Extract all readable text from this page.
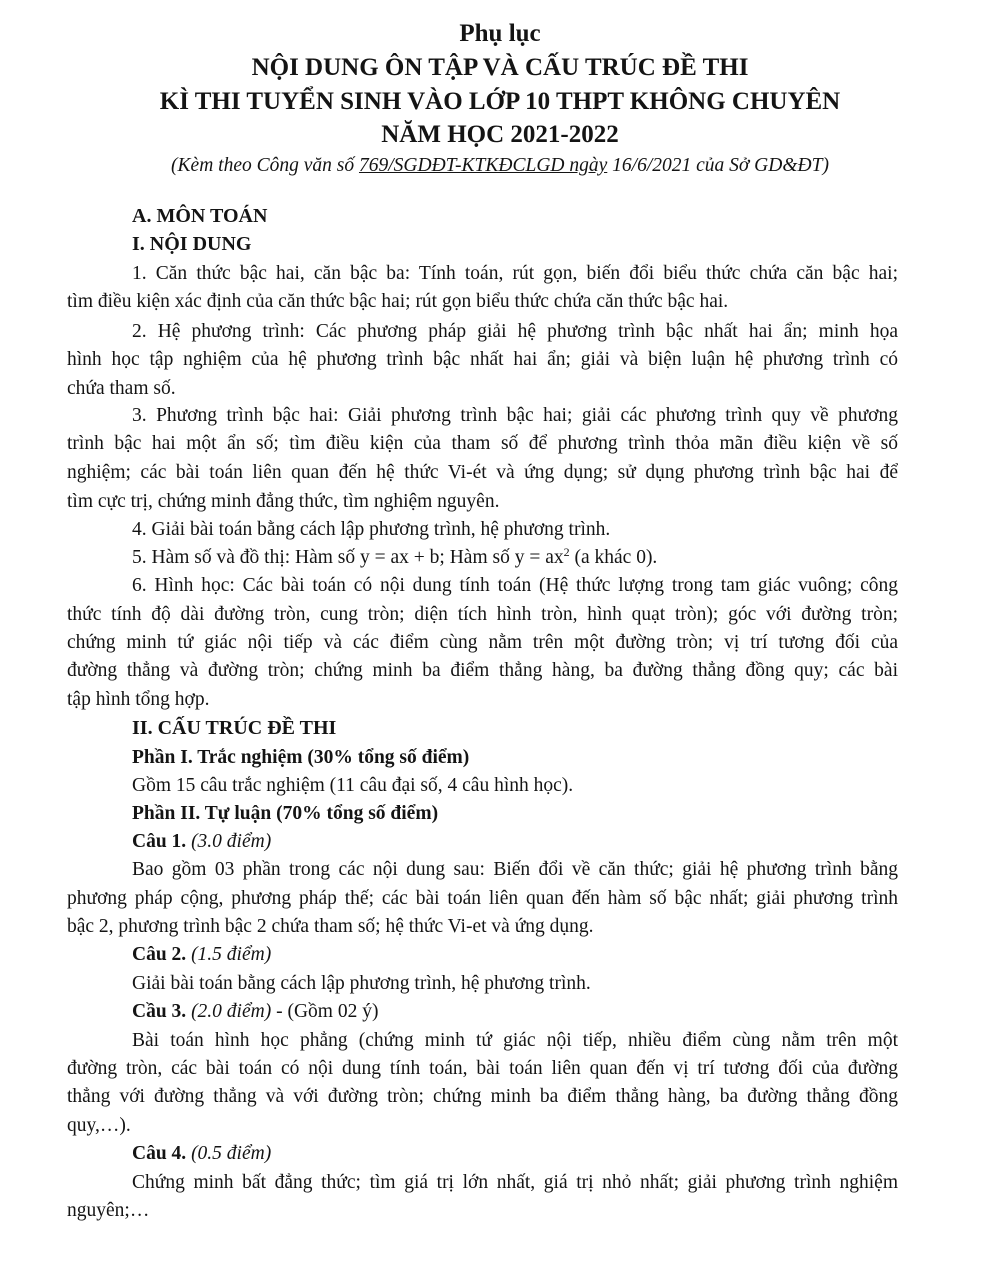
Phụ lục
NỘI DUNG ÔN TẬP VÀ CẤU TRÚC ĐỀ THI
KÌ THI TUYỂN SINH VÀO LỚP 10 THPT KHÔNG CHUYÊN
NĂM HỌC 2021-2022
(Kèm theo Công văn số 769/SGDĐT-KTKĐCLGD ngày 16/6/2021 của Sở GD&ĐT)
A. MÔN TOÁN
I. NỘI DUNG
1. Căn thức bậc hai, căn bậc ba: Tính toán, rút gọn, biến đổi biểu thức chứa căn bậc hai;
tìm điều kiện xác định của căn thức bậc hai; rút gọn biểu thức chứa căn thức bậc hai.
2. Hệ phương trình: Các phương pháp giải hệ phương trình bậc nhất hai ẩn; minh họa
hình học tập nghiệm của hệ phương trình bậc nhất hai ẩn; giải và biện luận hệ phương trình có
chứa tham số.
3. Phương trình bậc hai: Giải phương trình bậc hai; giải các phương trình quy về phương
trình bậc hai một ẩn số; tìm điều kiện của tham số để phương trình thỏa mãn điều kiện về số
nghiệm; các bài toán liên quan đến hệ thức Vi-ét và ứng dụng; sử dụng phương trình bậc hai để
tìm cực trị, chứng minh đẳng thức, tìm nghiệm nguyên.
4. Giải bài toán bằng cách lập phương trình, hệ phương trình.
5. Hàm số và đồ thị: Hàm số y = ax + b; Hàm số $y = ax^2$ (a khác 0).
6. Hình học: Các bài toán có nội dung tính toán (Hệ thức lượng trong tam giác vuông; công
thức tính độ dài đường tròn, cung tròn; diện tích hình tròn, hình quạt tròn); góc với đường tròn;
chứng minh tứ giác nội tiếp và các điểm cùng nằm trên một đường tròn; vị trí tương đối của
đường thẳng và đường tròn; chứng minh ba điểm thẳng hàng, ba đường thẳng đồng quy; các bài
tập hình tổng hợp.
II. CẤU TRÚC ĐỀ THI
Phần I. Trắc nghiệm (30% tổng số điểm)
Gồm 15 câu trắc nghiệm (11 câu đại số, 4 câu hình học).
Phần II. Tự luận (70% tổng số điểm)
Câu 1. (3.0 điểm)
Bao gồm 03 phần trong các nội dung sau: Biến đổi về căn thức; giải hệ phương trình bằng
phương pháp cộng, phương pháp thế; các bài toán liên quan đến hàm số bậc nhất; giải phương trình
bậc 2, phương trình bậc 2 chứa tham số; hệ thức Vi-et và ứng dụng.
Câu 2. (1.5 điểm)
Giải bài toán bằng cách lập phương trình, hệ phương trình.
Cầu 3. (2.0 điểm) - (Gồm 02 ý)
Bài toán hình học phẳng (chứng minh tứ giác nội tiếp, nhiều điểm cùng nằm trên một
đường tròn, các bài toán có nội dung tính toán, bài toán liên quan đến vị trí tương đối của đường
thẳng với đường thẳng và với đường tròn; chứng minh ba điểm thẳng hàng, ba đường thẳng đồng
quy,…).
Câu 4. (0.5 điểm)
Chứng minh bất đẳng thức; tìm giá trị lớn nhất, giá trị nhỏ nhất; giải phương trình nghiệm
nguyên;…
